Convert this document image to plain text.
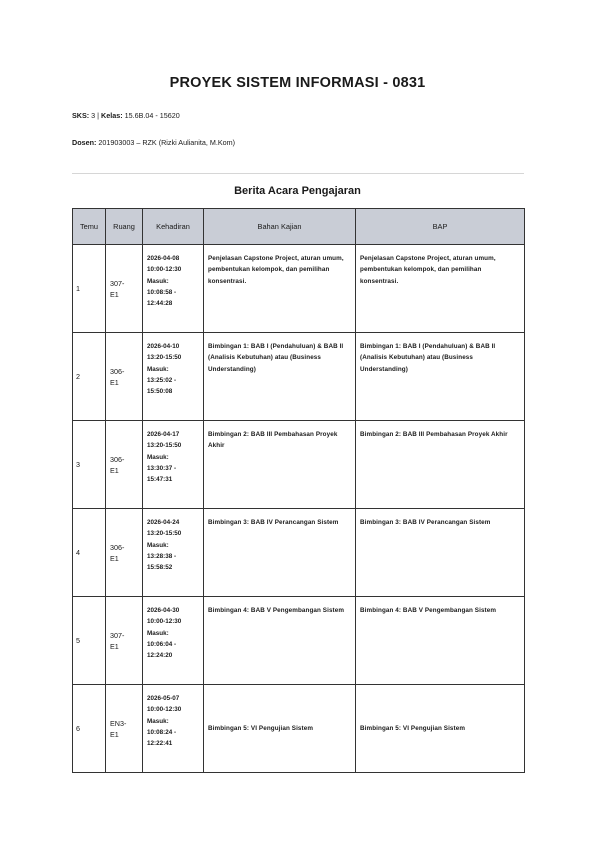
PROYEK SISTEM INFORMASI - 0831
SKS: 3 | Kelas: 15.6B.04 - 15620
Dosen: 201903003 – RZK (Rizki Aulianita, M.Kom)
Berita Acara Pengajaran
Temu	Ruang	Kehadiran	Bahan Kajian	BAP
1	307-
E1	2026-04-08
10:00-12:30
Masuk:
10:08:58 -
12:44:28	Penjelasan Capstone Project, aturan umum, pembentukan kelompok, dan pemilihan konsentrasi.	Penjelasan Capstone Project, aturan umum, pembentukan kelompok, dan pemilihan konsentrasi.
2	306-
E1	2026-04-10
13:20-15:50
Masuk:
13:25:02 -
15:50:08	Bimbingan 1: BAB I (Pendahuluan) & BAB II (Analisis Kebutuhan) atau (Business Understanding)	Bimbingan 1: BAB I (Pendahuluan) & BAB II (Analisis Kebutuhan) atau (Business Understanding)
3	306-
E1	2026-04-17
13:20-15:50
Masuk:
13:30:37 -
15:47:31	Bimbingan 2: BAB III Pembahasan Proyek Akhir	Bimbingan 2: BAB III Pembahasan Proyek Akhir
4	306-
E1	2026-04-24
13:20-15:50
Masuk:
13:28:38 -
15:58:52	Bimbingan 3: BAB IV Perancangan Sistem	Bimbingan 3: BAB IV Perancangan Sistem
5	307-
E1	2026-04-30
10:00-12:30
Masuk:
10:06:04 -
12:24:20	Bimbingan 4: BAB V Pengembangan Sistem	Bimbingan 4: BAB V Pengembangan Sistem
6	EN3-
E1	2026-05-07
10:00-12:30
Masuk:
10:08:24 -
12:22:41	Bimbingan 5: VI Pengujian Sistem	Bimbingan 5: VI Pengujian Sistem
